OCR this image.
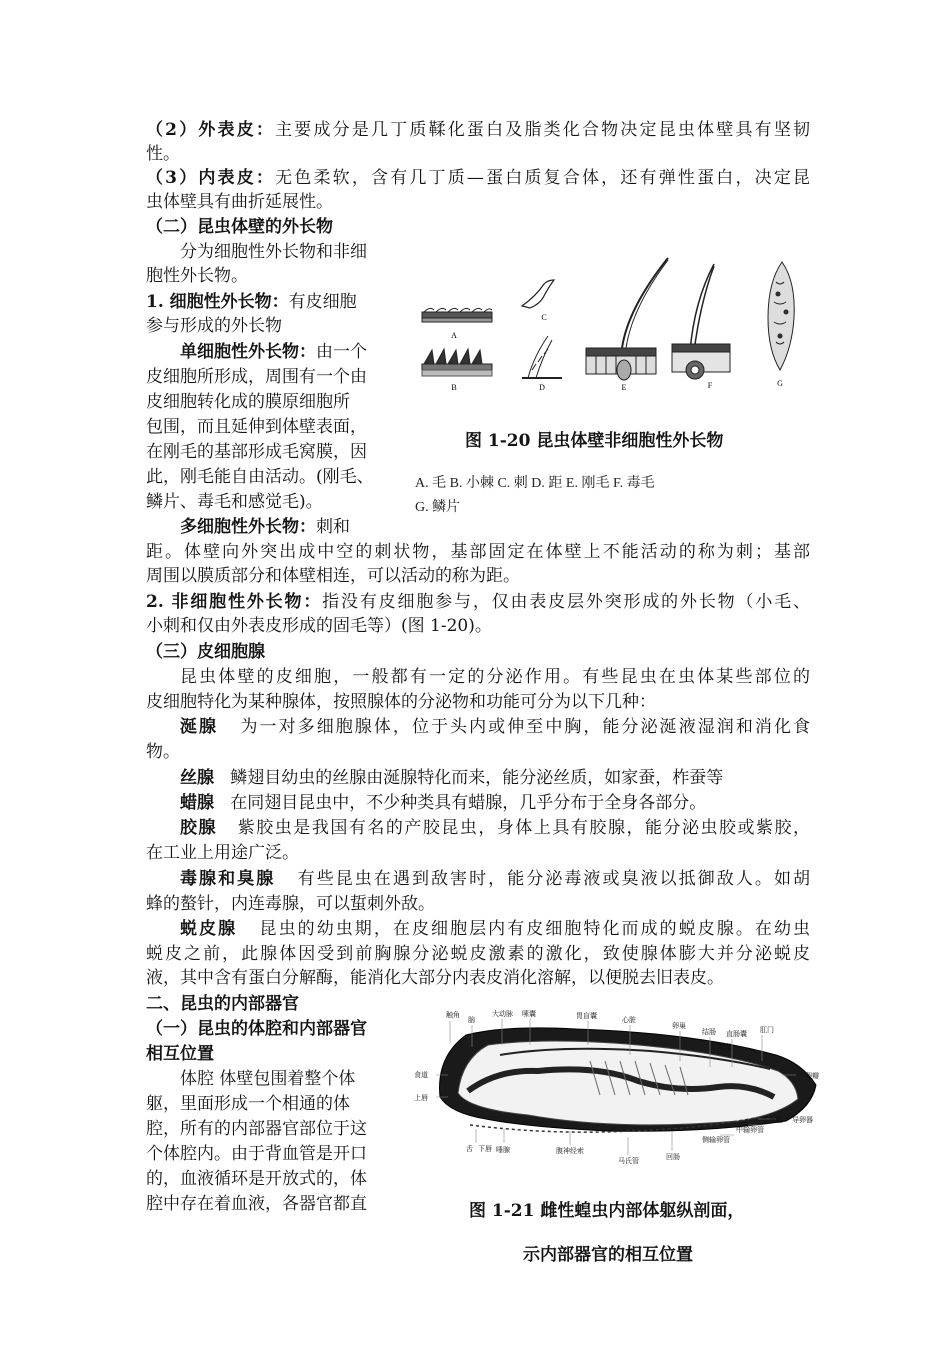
（2）外表皮：主要成分是几丁质鞣化蛋白及脂类化合物决定昆虫体壁具有坚韧
性。
（3）内表皮：无色柔软，含有几丁质—蛋白质复合体，还有弹性蛋白，决定昆
虫体壁具有曲折延展性。
（二）昆虫体壁的外长物
分为细胞性外长物和非细
胞性外长物。
1. 细胞性外长物：有皮细胞
参与形成的外长物
单细胞性外长物：由一个
皮细胞所形成，周围有一个由
皮细胞转化成的膜原细胞所
包围，而且延伸到体壁表面，
在刚毛的基部形成毛窝膜，因
此，刚毛能自由活动。(刚毛、
鳞片、毒毛和感觉毛)。
多细胞性外长物：刺和
距。体壁向外突出成中空的刺状物，基部固定在体壁上不能活动的称为刺；基部
周围以膜质部分和体壁相连，可以活动的称为距。
2. 非细胞性外长物：指没有皮细胞参与，仅由表皮层外突形成的外长物（小毛、
小刺和仅由外表皮形成的固毛等）(图 1-20)。
A
B
C
D	E	F	G
图 1-20 昆虫体壁非细胞性外长物
A. 毛 B. 小棘 C. 刺 D. 距 E. 刚毛 F. 毒毛
G. 鳞片
（三）皮细胞腺
昆虫体壁的皮细胞，一般都有一定的分泌作用。有些昆虫在虫体某些部位的
皮细胞特化为某种腺体，按照腺体的分泌物和功能可分为以下几种：
涎腺 为一对多细胞腺体，位于头内或伸至中胸，能分泌涎液湿润和消化食
物。
丝腺 鳞翅目幼虫的丝腺由涎腺特化而来，能分泌丝质，如家蚕，柞蚕等
蜡腺 在同翅目昆虫中，不少种类具有蜡腺，几乎分布于全身各部分。
胶腺 紫胶虫是我国有名的产胶昆虫，身体上具有胶腺，能分泌虫胶或紫胶，
在工业上用途广泛。
毒腺和臭腺 有些昆虫在遇到敌害时，能分泌毒液或臭液以抵御敌人。如胡
蜂的螯针，内连毒腺，可以蜇刺外敌。
蜕皮腺 昆虫的幼虫期，在皮细胞层内有皮细胞特化而成的蜕皮腺。在幼虫
蜕皮之前，此腺体因受到前胸腺分泌蜕皮激素的激化，致使腺体膨大并分泌蜕皮
液，其中含有蛋白分解酶，能消化大部分内表皮消化溶解，以便脱去旧表皮。
二、昆虫的内部器官
（一）昆虫的体腔和内部器官
相互位置
体腔 体壁包围着整个体
躯，里面形成一个相通的体
腔，所有的内部器官部位于这
个体腔内。由于背血管是开口
的，血液循环是开放式的，体
腔中存在着血液，各器官都直
触角
脑
大动脉 嗉囊	胃盲囊	心脏
卵巢
结肠 直肠囊 肛门
受精囊
产卵瓣
食道
上唇
舌 下唇 唾腺	腹神经索
马氏管	回肠
侧输卵管
中输卵管
生殖腔 导卵器
图 1-21 雌性蝗虫内部体躯纵剖面，
示内部器官的相互位置
